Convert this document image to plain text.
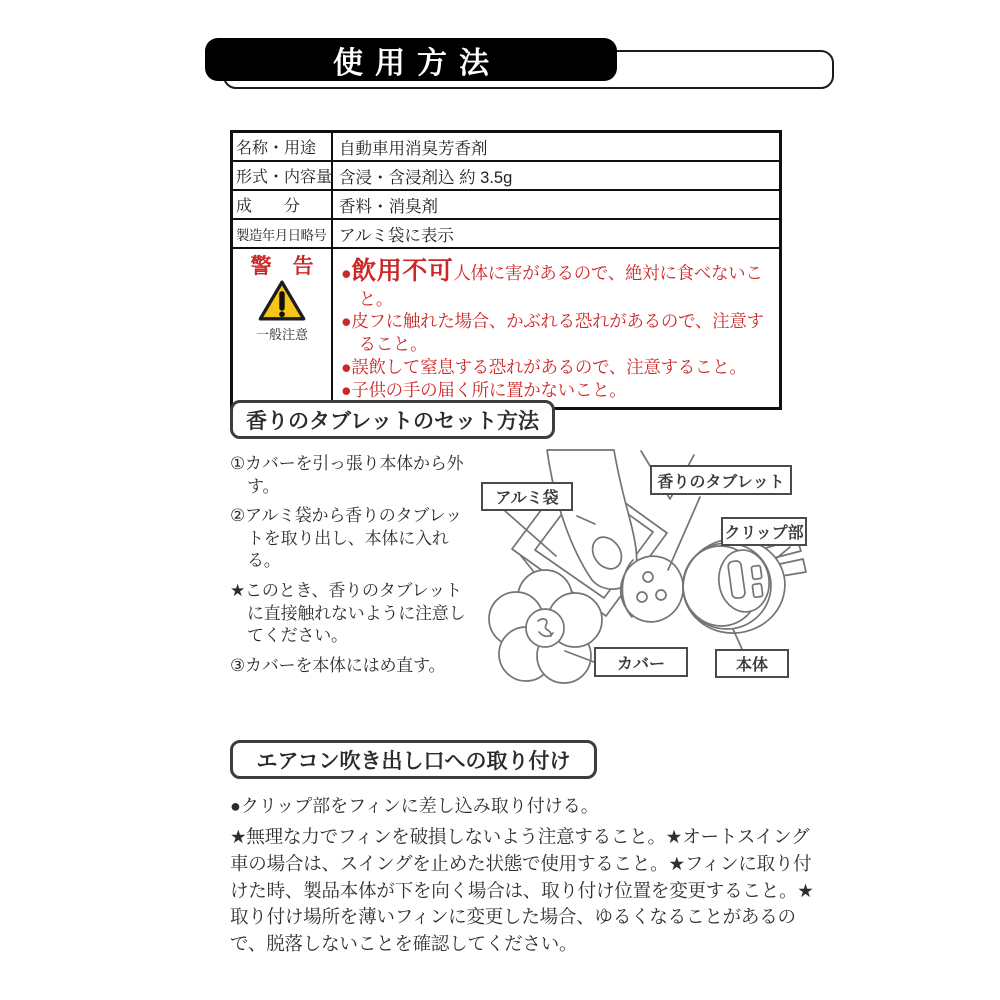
使用方法
名称・用途	自動車用消臭芳香剤
形式・内容量 含浸・含浸剤込 約 3.5g
成　　分	香料・消臭剤
製造年月日略号 アルミ袋に表示
警　告
一般注意

●飲用不可人体に害があるので、絶対に食べないこと。

●皮フに触れた場合、かぶれる恐れがあるので、注意すること。

●誤飲して窒息する恐れがあるので、注意すること。

●子供の手の届く所に置かないこと。

香りのタブレットのセット方法

①カバーを引っ張り本体から外す。

②アルミ袋から香りのタブレットを取り出し、本体に入れる。

★このとき、香りのタブレットに直接触れないように注意してください。

③カバーを本体にはめ直す。

アルミ袋
香りのタブレット
クリップ部
カバー	本体
エアコン吹き出し口への取り付け

●クリップ部をフィンに差し込み取り付ける。

★無理な力でフィンを破損しないよう注意すること。★オートスイング車の場合は、スイングを止めた状態で使用すること。★フィンに取り付けた時、製品本体が下を向く場合は、取り付け位置を変更すること。★取り付け場所を薄いフィンに変更した場合、ゆるくなることがあるので、脱落しないことを確認してください。
